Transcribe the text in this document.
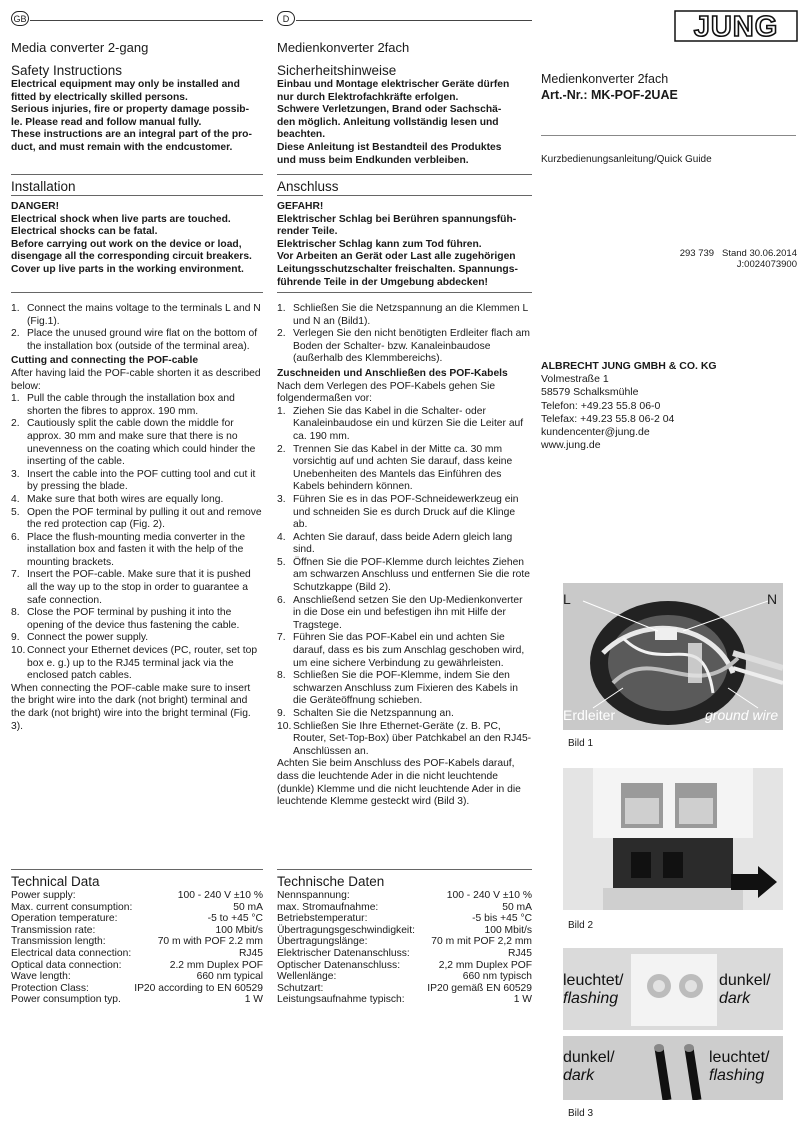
GB	D
Media converter 2-gang
Safety Instructions

Electrical equipment may only be installed and

fitted by electrically skilled persons.

Serious injuries, fire or property damage possib-

le. Please read and follow manual fully.

These instructions are an integral part of the pro-

duct, and must remain with the endcustomer.

Installation

DANGER!

Electrical shock when live parts are touched.

Electrical shocks can be fatal.

Before carrying out work on the device or load,

disengage all the corresponding circuit breakers.

Cover up live parts in the working environment.

1. Connect the mains voltage to the terminals L and N (Fig.1).
2. Place the unused ground wire flat on the bottom of the installation box (outside of the terminal area).

Cutting and connecting the POF-cable

After having laid the POF-cable shorten it as described below:

1. Pull the cable through the installation box and shorten the fibres to approx. 190 mm.
2. Cautiously split the cable down the middle for approx. 30 mm and make sure that there is no unevenness on the coating which could hinder the inserting of the cable.
3. Insert the cable into the POF cutting tool and cut it by pressing the blade.
4. Make sure that both wires are equally long.
5. Open the POF terminal by pulling it out and remove the red protection cap (Fig. 2).
6. Place the flush-mounting media converter in the installation box and fasten it with the help of the mounting brackets.
7. Insert the POF-cable. Make sure that it is pushed all the way up to the stop in order to guarantee a safe connection.
8. Close the POF terminal by pushing it into the opening of the device thus fastening the cable.
9. Connect the power supply.
10. Connect your Ethernet devices (PC, router, set top box e. g.) up to the RJ45 terminal jack via the enclosed patch cables.

When connecting the POF-cable make sure to insert the bright wire into the dark (not bright) terminal and the dark (not bright) wire into the bright terminal (Fig. 3).

Technical Data
Power supply:	100 - 240 V ±10 %
Max. current consumption:	50 mA
Operation temperature:	-5 to +45 °C
Transmission rate:	100 Mbit/s
Transmission length:	70 m with POF 2.2 mm
Electrical data connection:	RJ45
Optical data connection:	2.2 mm Duplex POF
Wave length:	660 nm typical
Protection Class:	IP20 according to EN 60529
Power consumption typ.	1 W
Medienkonverter 2fach
Sicherheitshinweise

Einbau und Montage elektrischer Geräte dürfen

nur durch Elektrofachkräfte erfolgen.

Schwere Verletzungen, Brand oder Sachschä-

den möglich. Anleitung vollständig lesen und

beachten.

Diese Anleitung ist Bestandteil des Produktes

und muss beim Endkunden verbleiben.

Anschluss

GEFAHR!

Elektrischer Schlag bei Berühren spannungsfüh-

render Teile.

Elektrischer Schlag kann zum Tod führen.

Vor Arbeiten an Gerät oder Last alle zugehörigen

Leitungsschutzschalter freischalten. Spannungs-

führende Teile in der Umgebung abdecken!

1. Schließen Sie die Netzspannung an die Klemmen L und N an (Bild1).
2. Verlegen Sie den nicht benötigten Erdleiter flach am Boden der Schalter- bzw. Kanaleinbaudose (außerhalb des Klemmbereichs).

Zuschneiden und Anschließen des POF-Kabels

Nach dem Verlegen des POF-Kabels gehen Sie folgendermaßen vor:

1. Ziehen Sie das Kabel in die Schalter- oder Kanaleinbaudose ein und kürzen Sie die Leiter auf ca. 190 mm.
2. Trennen Sie das Kabel in der Mitte ca. 30 mm vorsichtig auf und achten Sie darauf, dass keine Unebenheiten des Mantels das Einführen des Kabels behindern können.
3. Führen Sie es in das POF-Schneidewerkzeug ein und schneiden Sie es durch Druck auf die Klinge ab.
4. Achten Sie darauf, dass beide Adern gleich lang sind.
5. Öffnen Sie die POF-Klemme durch leichtes Ziehen am schwarzen Anschluss und entfernen Sie die rote Schutzkappe (Bild 2).
6. Anschließend setzen Sie den Up-Medienkonverter in die Dose ein und befestigen ihn mit Hilfe der Tragstege.
7. Führen Sie das POF-Kabel ein und achten Sie darauf, dass es bis zum Anschlag geschoben wird, um eine sichere Verbindung zu gewährleisten.
8. Schließen Sie die POF-Klemme, indem Sie den schwarzen Anschluss zum Fixieren des Kabels in die Geräteöffnung schieben.
9. Schalten Sie die Netzspannung an.
10. Schließen Sie Ihre Ethernet-Geräte (z. B. PC, Router, Set-Top-Box) über Patchkabel an den RJ45-Anschlüssen an.

Achten Sie beim Anschluss des POF-Kabels darauf, dass die leuchtende Ader in die nicht leuchtende (dunkle) Klemme und die nicht leuchtende Ader in die leuchtende Klemme gesteckt wird (Bild 3).

Technische Daten
Nennspannung:	100 - 240 V ±10 %
max. Stromaufnahme:	50 mA
Betriebstemperatur:	-5 bis +45 °C
Übertragungsgeschwindigkeit:	100 Mbit/s
Übertragungslänge:	70 m mit POF 2,2 mm
Elektrischer Datenanschluss:	RJ45
Optischer Datenanschluss:	2,2 mm Duplex POF
Wellenlänge:	660 nm typisch
Schutzart:	IP20 gemäß EN 60529
Leistungsaufnahme typisch:	1 W
JUNG
Medienkonverter 2fach
Art.-Nr.: MK-POF-2UAE
Kurzbedienungsanleitung/Quick Guide
293 739 Stand 30.06.2014
J:0024073900

ALBRECHT JUNG GMBH & CO. KG

Volmestraße 1

58579 Schalksmühle

Telefon: +49.23 55.8 06-0

Telefax: +49.23 55.8 06-2 04

kundencenter@jung.de

www.jung.de

L	N
Erdleiter	ground wire
Bild 1
Bild 2
leuchtet/
flashing
dunkel/
dark
dunkel/
dark
leuchtet/
flashing
Bild 3
